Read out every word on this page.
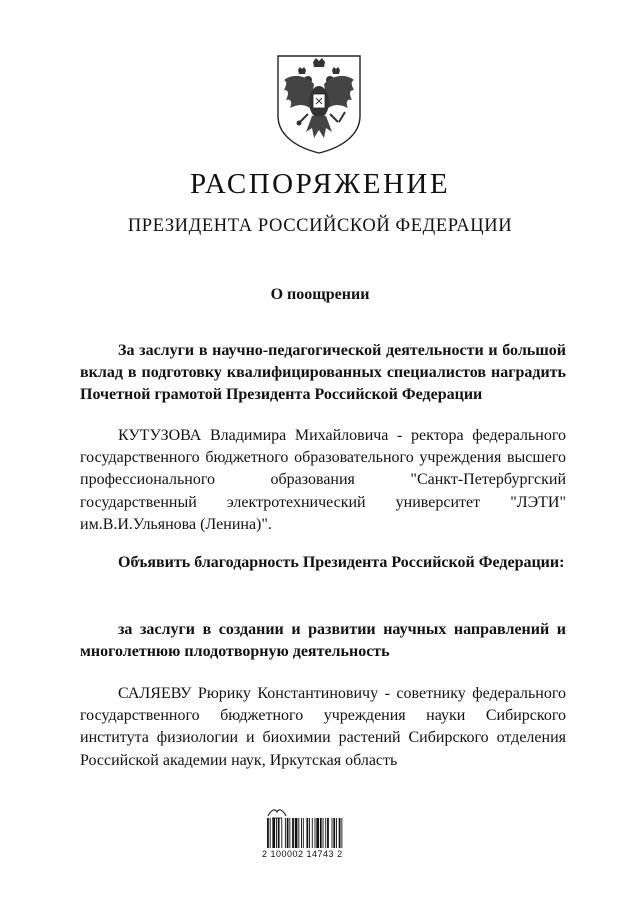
РАСПОРЯЖЕНИЕ
ПРЕЗИДЕНТА РОССИЙСКОЙ ФЕДЕРАЦИИ
О поощрении
За заслуги в научно-педагогической деятельности и большой вклад в подготовку квалифицированных специалистов наградить Почетной грамотой Президента Российской Федерации
КУТУЗОВА Владимира Михайловича - ректора федерального государственного бюджетного образовательного учреждения высшего профессионального образования "Санкт-Петербургский государственный электротехнический университет "ЛЭТИ" им.В.И.Ульянова (Ленина)".
Объявить благодарность Президента Российской Федерации:
за заслуги в создании и развитии научных направлений и многолетнюю плодотворную деятельность
САЛЯЕВУ Рюрику Константиновичу - советнику федерального государственного бюджетного учреждения науки Сибирского института физиологии и биохимии растений Сибирского отделения Российской академии наук, Иркутская область
2 100002 14743 2
